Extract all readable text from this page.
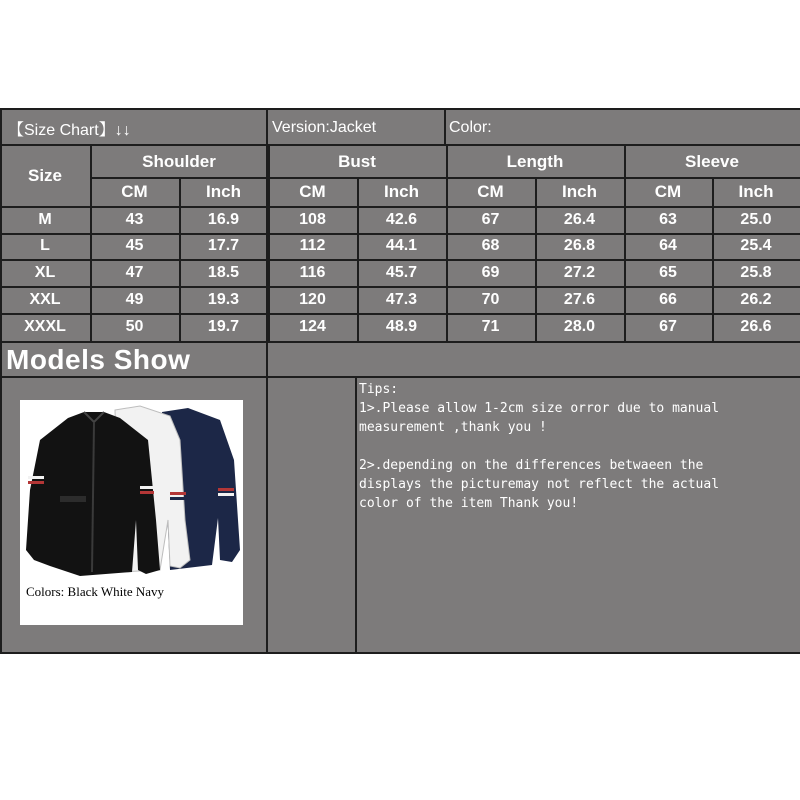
【Size Chart】↓↓	Version:Jacket	Color:
Size
Shoulder	Bust	Length	Sleeve
CM	Inch	CM	Inch	CM	Inch	CM	Inch
M	43	16.9	108	42.6	67	26.4	63	25.0
L	45	17.7	112	44.1	68	26.8	64	25.4
XL	47	18.5	116	45.7	69	27.2	65	25.8
XXL	49	19.3	120	47.3	70	27.6	66	26.2
XXXL	50	19.7	124	48.9	71	28.0	67	26.6
Models Show
Colors: Black White Navy
Tips:
1>.Please allow 1-2cm size orror due to manual
measurement ,thank you !
2>.depending on the differences betwaeen the
displays the picturemay not reflect the actual
color of the item Thank you!
